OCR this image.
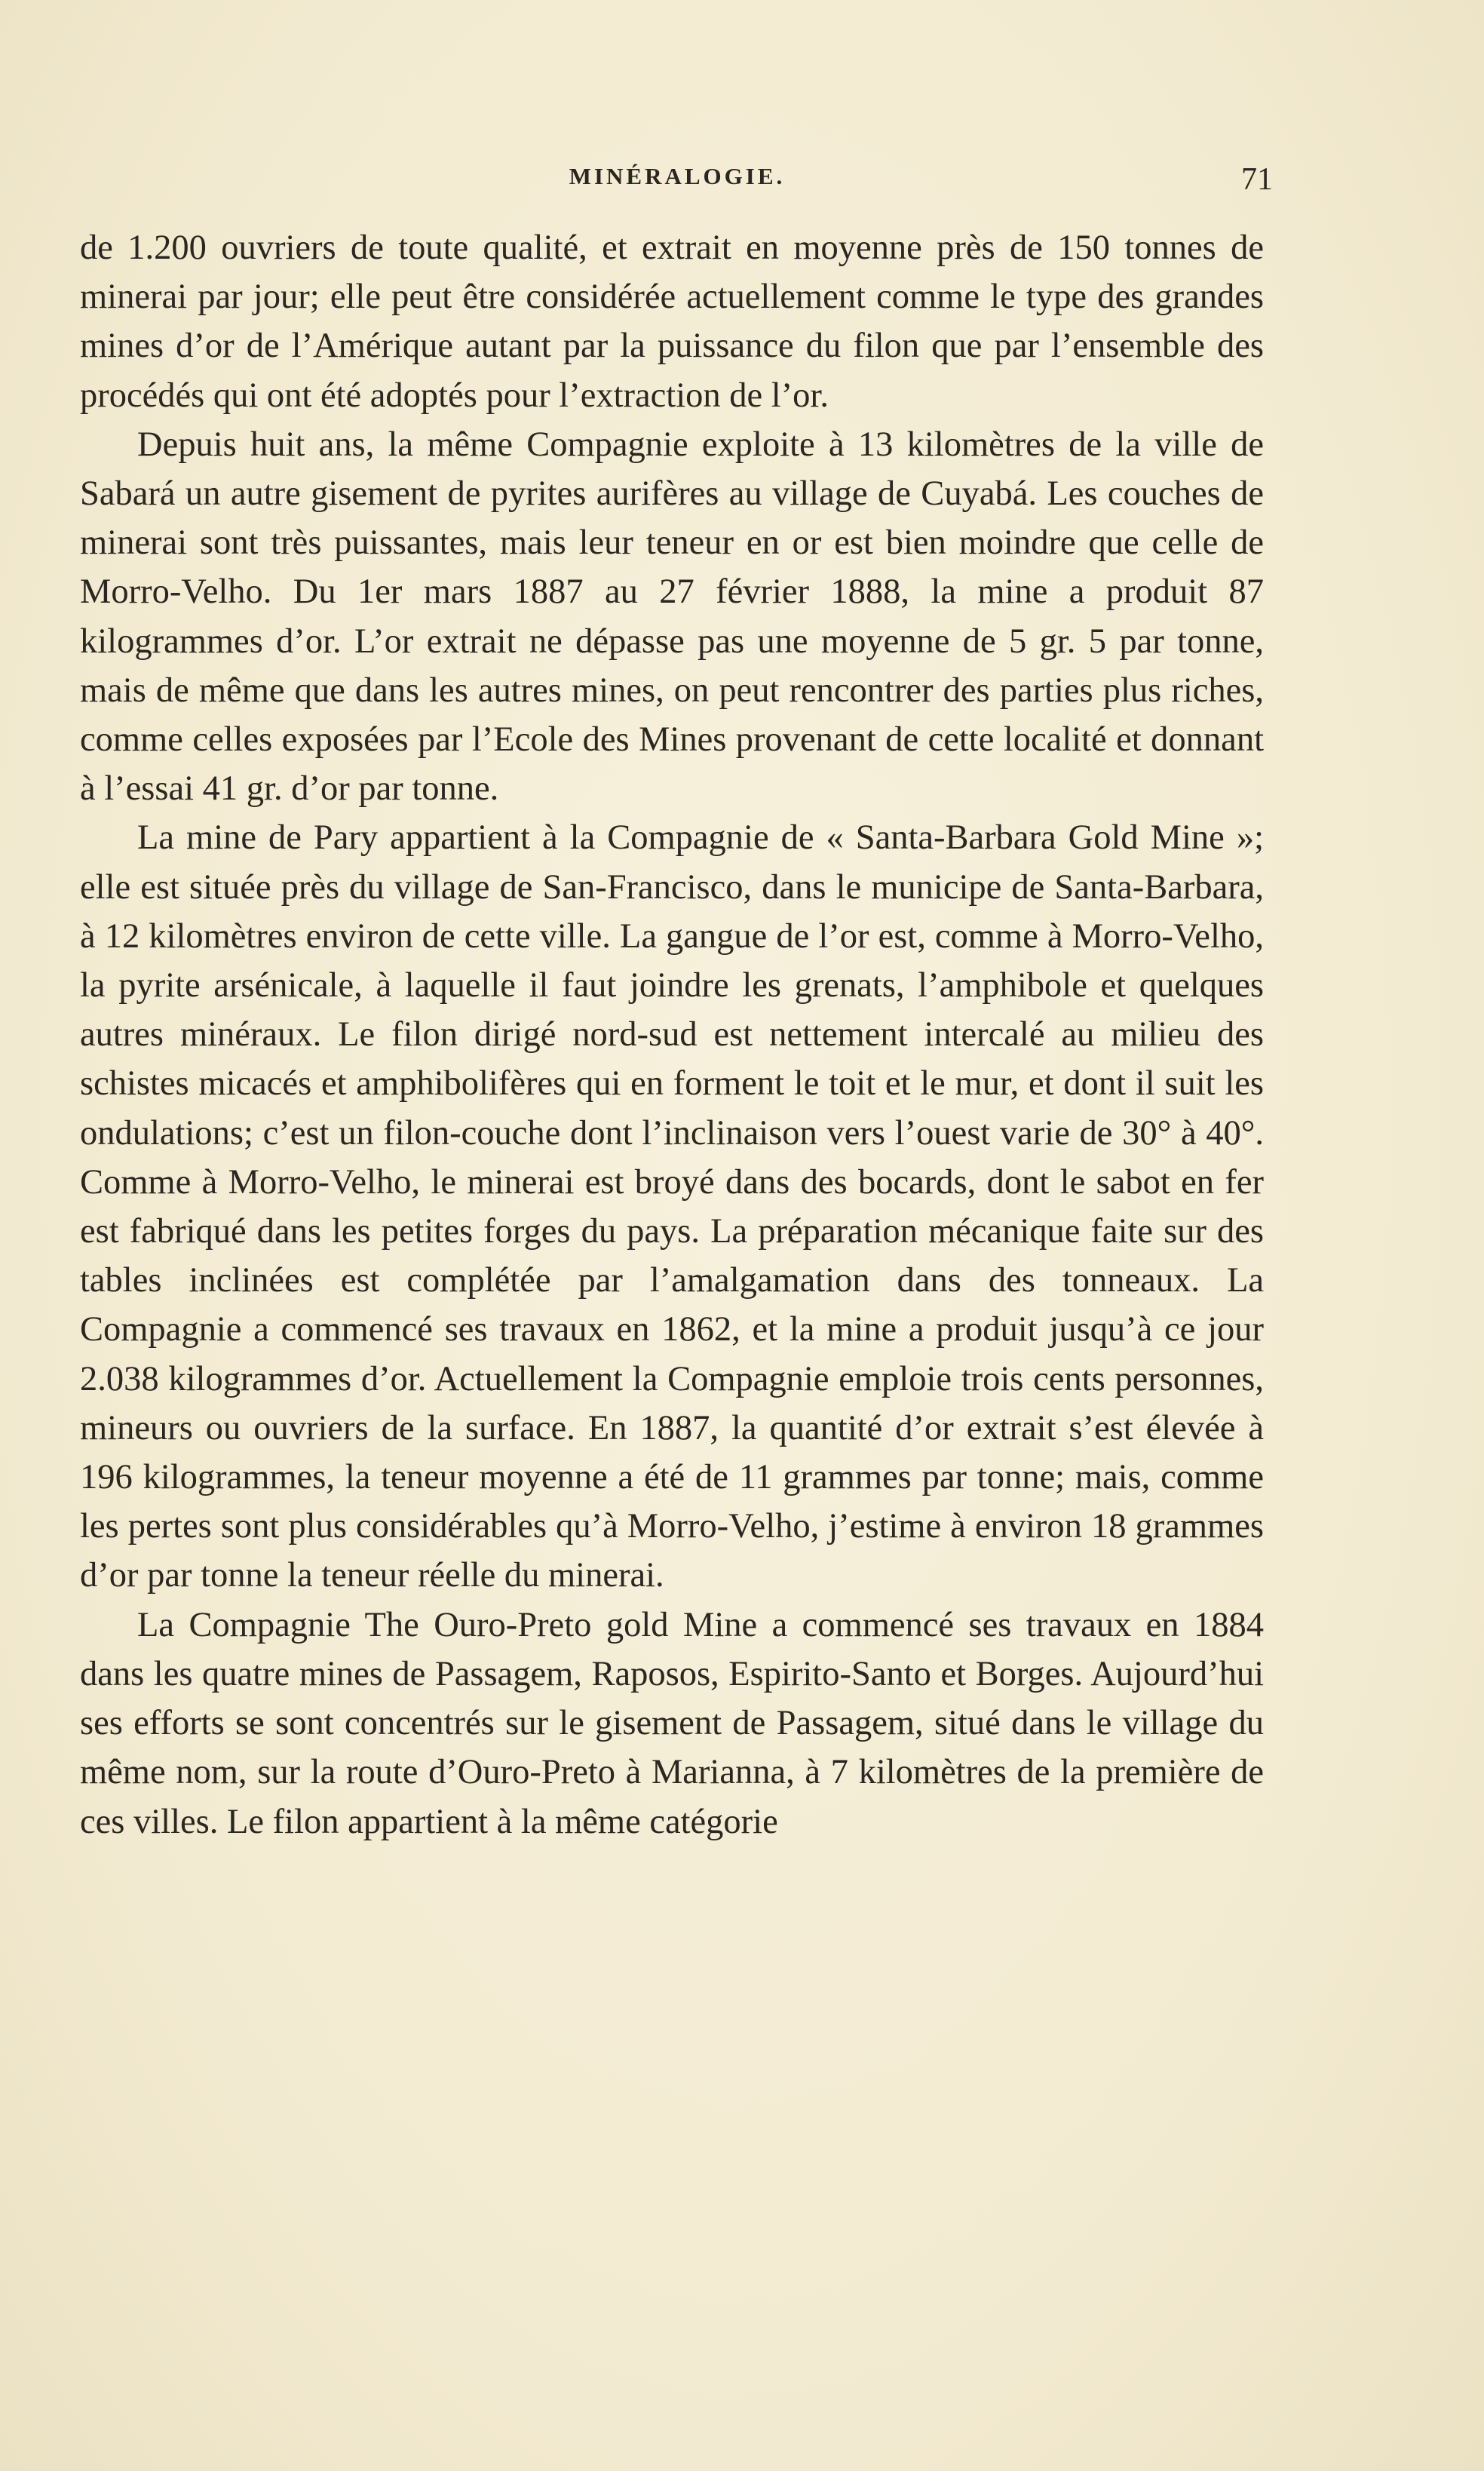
MINÉRALOGIE.	71

de 1.200 ouvriers de toute qualité, et extrait en moyenne près de 150 tonnes de minerai par jour; elle peut être considérée actuellement comme le type des grandes mines d’or de l’Amérique autant par la puissance du filon que par l’ensemble des procédés qui ont été adoptés pour l’extraction de l’or.

Depuis huit ans, la même Compagnie exploite à 13 kilomètres de la ville de Sabará un autre gisement de pyrites aurifères au village de Cuyabá. Les couches de minerai sont très puissantes, mais leur teneur en or est bien moindre que celle de Morro-Velho. Du 1er mars 1887 au 27 février 1888, la mine a produit 87 kilogrammes d’or. L’or extrait ne dépasse pas une moyenne de 5 gr. 5 par tonne, mais de même que dans les autres mines, on peut rencontrer des parties plus riches, comme celles exposées par l’Ecole des Mines provenant de cette localité et donnant à l’essai 41 gr. d’or par tonne.

La mine de Pary appartient à la Compagnie de « Santa-Barbara Gold Mine »; elle est située près du village de San-Francisco, dans le municipe de Santa-Barbara, à 12 kilomètres environ de cette ville. La gangue de l’or est, comme à Morro-Velho, la pyrite arsénicale, à laquelle il faut joindre les grenats, l’amphibole et quelques autres minéraux. Le filon dirigé nord-sud est nettement intercalé au milieu des schistes micacés et amphibolifères qui en forment le toit et le mur, et dont il suit les ondulations; c’est un filon-couche dont l’inclinaison vers l’ouest varie de 30° à 40°. Comme à Morro-Velho, le minerai est broyé dans des bocards, dont le sabot en fer est fabriqué dans les petites forges du pays. La préparation mécanique faite sur des tables inclinées est complétée par l’amalgamation dans des tonneaux. La Compagnie a commencé ses travaux en 1862, et la mine a produit jusqu’à ce jour 2.038 kilogrammes d’or. Actuellement la Compagnie emploie trois cents personnes, mineurs ou ouvriers de la surface. En 1887, la quantité d’or extrait s’est élevée à 196 kilogrammes, la teneur moyenne a été de 11 grammes par tonne; mais, comme les pertes sont plus considérables qu’à Morro-Velho, j’estime à environ 18 grammes d’or par tonne la teneur réelle du minerai.

La Compagnie The Ouro-Preto gold Mine a commencé ses travaux en 1884 dans les quatre mines de Passagem, Raposos, Espirito-Santo et Borges. Aujourd’hui ses efforts se sont concentrés sur le gisement de Passagem, situé dans le village du même nom, sur la route d’Ouro-Preto à Marianna, à 7 kilomètres de la première de ces villes. Le filon appartient à la même catégorie
